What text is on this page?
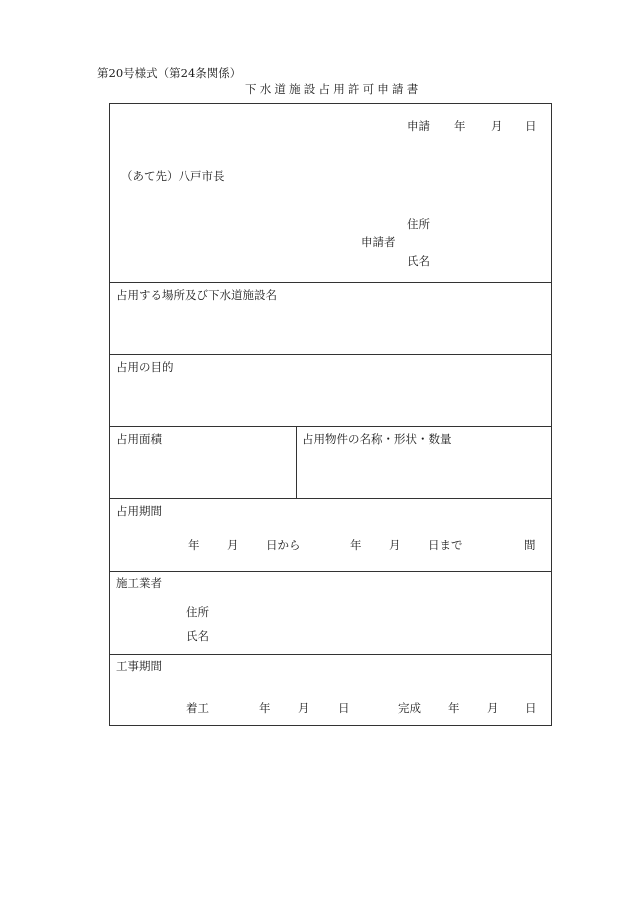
第20号様式（第24条関係）
下水道施設占用許可申請書
申請 年 月 日
（あて先）八戸市長
住所
申請者
氏名
占用する場所及び下水道施設名
占用の目的
占用面積	占用物件の名称・形状・数量
占用期間
年 月 日から	年 月 日まで	間
施工業者
住所
氏名
工事期間
着工	年 月 日	完成 年 月 日
